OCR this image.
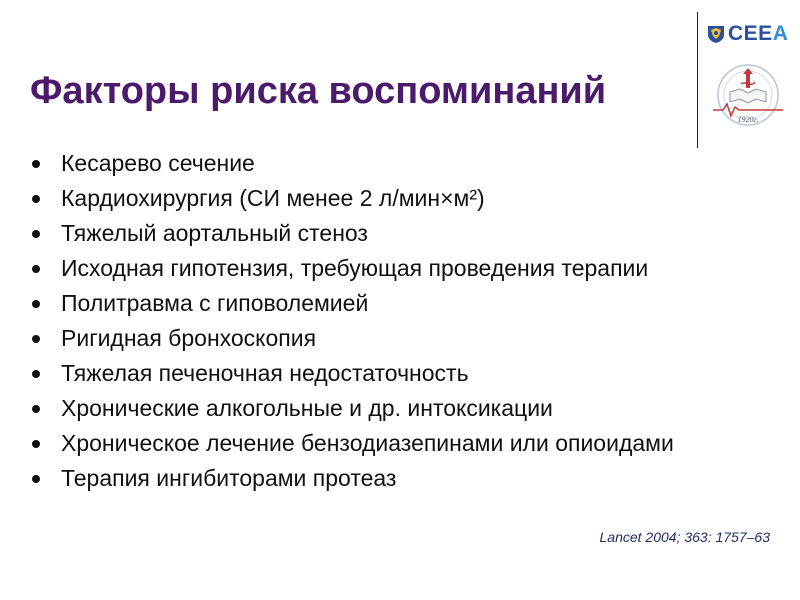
Факторы риска воспоминаний
CEEA
1920г.
Кесарево сечение
Кардиохирургия (СИ менее 2 л/мин×м²)
Тяжелый аортальный стеноз
Исходная гипотензия, требующая проведения терапии
Политравма с гиповолемией
Ригидная бронхоскопия
Тяжелая печеночная недостаточность
Хронические алкогольные и др. интоксикации
Хроническое лечение бензодиазепинами или опиоидами
Терапия ингибиторами протеаз
Lancet 2004; 363: 1757–63
